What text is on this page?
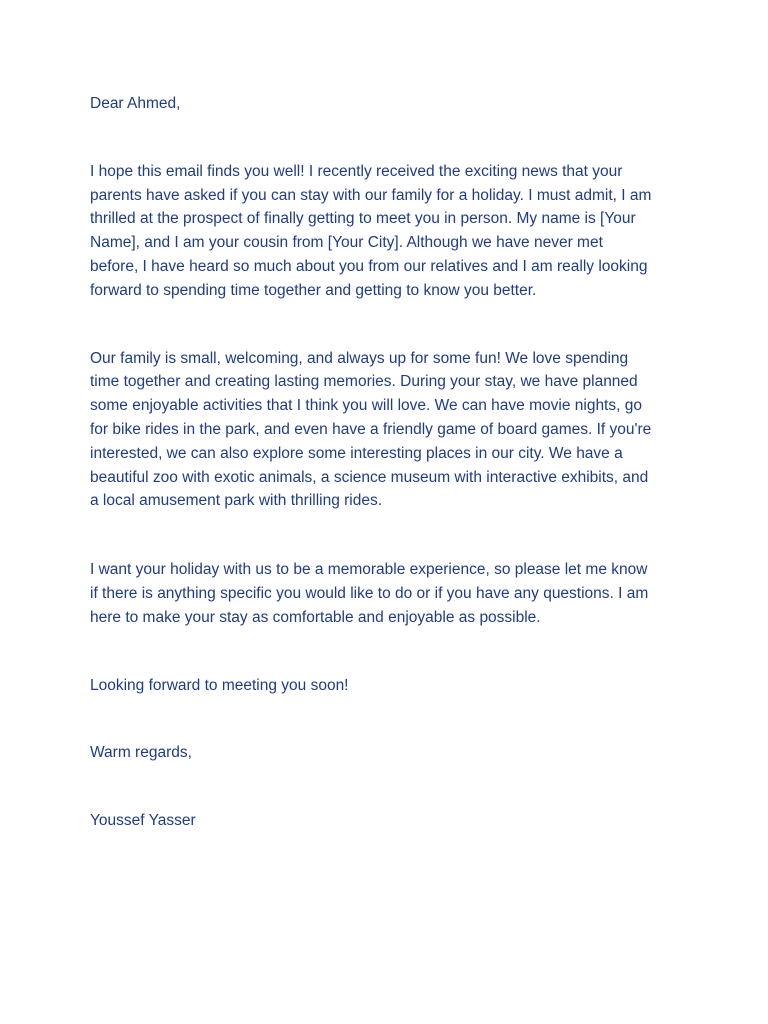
Dear Ahmed,

I hope this email finds you well! I recently received the exciting news that your
parents have asked if you can stay with our family for a holiday. I must admit, I am
thrilled at the prospect of finally getting to meet you in person. My name is [Your
Name], and I am your cousin from [Your City]. Although we have never met
before, I have heard so much about you from our relatives and I am really looking
forward to spending time together and getting to know you better.

Our family is small, welcoming, and always up for some fun! We love spending
time together and creating lasting memories. During your stay, we have planned
some enjoyable activities that I think you will love. We can have movie nights, go
for bike rides in the park, and even have a friendly game of board games. If you're
interested, we can also explore some interesting places in our city. We have a
beautiful zoo with exotic animals, a science museum with interactive exhibits, and
a local amusement park with thrilling rides.

I want your holiday with us to be a memorable experience, so please let me know
if there is anything specific you would like to do or if you have any questions. I am
here to make your stay as comfortable and enjoyable as possible.

Looking forward to meeting you soon!

Warm regards,

Youssef Yasser
